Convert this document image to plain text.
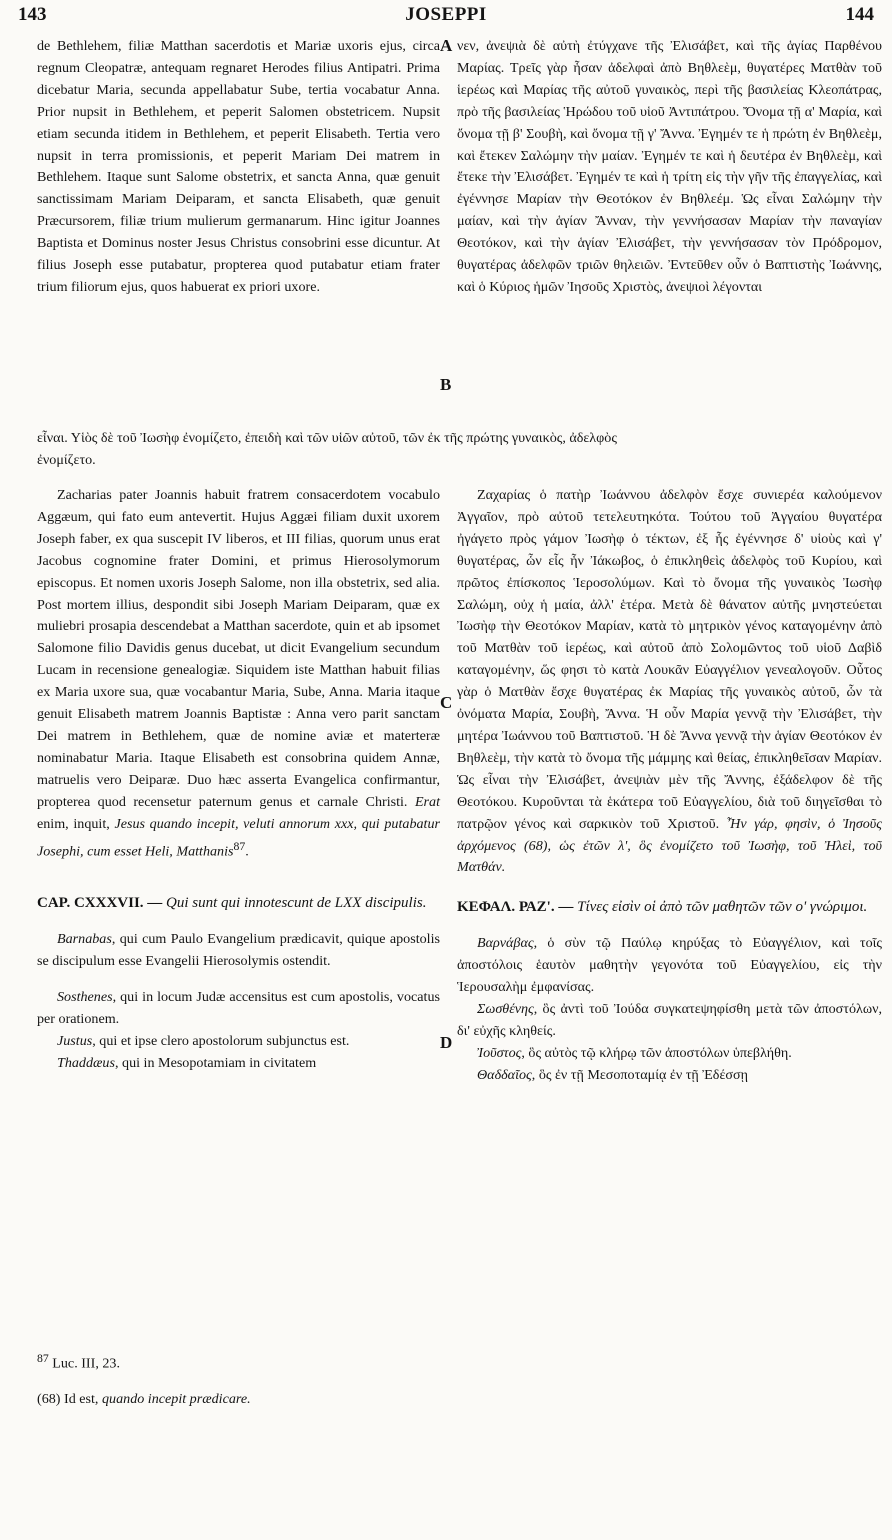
143	JOSEPPI	144
A
B
C
D

de Bethlehem, filiæ Matthan sacerdotis et Mariæ uxoris ejus, circa regnum Cleopatræ, antequam regnaret Herodes filius Antipatri. Prima dicebatur Maria, secunda appellabatur Sube, tertia vocabatur Anna. Prior nupsit in Bethlehem, et peperit Salomen obstetricem. Nupsit etiam secunda itidem in Bethlehem, et peperit Elisabeth. Tertia vero nupsit in terra promissionis, et peperit Mariam Dei matrem in Bethlehem. Itaque sunt Salome obstetrix, et sancta Anna, quæ genuit sanctissimam Mariam Deiparam, et sancta Elisabeth, quæ genuit Præcursorem, filiæ trium mulierum germanarum. Hinc igitur Joannes Baptista et Dominus noster Jesus Christus consobrini esse dicuntur. At filius Joseph esse putabatur, propterea quod putabatur etiam frater trium filiorum ejus, quos habuerat ex priori uxore.

νεν, ἀνεψιὰ δὲ αὐτὴ ἐτύγχανε τῆς Ἐλισάβετ, καὶ τῆς ἁγίας Παρθένου Μαρίας. Τρεῖς γὰρ ἦσαν ἀδελφαὶ ἀπὸ Βηθλεὲμ, θυγατέρες Ματθὰν τοῦ ἱερέως καὶ Μαρίας τῆς αὐτοῦ γυναικὸς, περὶ τῆς βασιλείας Κλεοπάτρας, πρὸ τῆς βασιλείας Ἡρώδου τοῦ υἱοῦ Ἀντιπάτρου. Ὄνομα τῇ α' Μαρία, καὶ ὄνομα τῇ β' Σουβὴ, καὶ ὄνομα τῇ γ' Ἄννα. Ἐγημέν τε ἡ πρώτη ἐν Βηθλεὲμ, καὶ ἔτεκεν Σαλώμην τὴν μαίαν. Ἐγημέν τε καὶ ἡ δευτέρα ἐν Βηθλεὲμ, καὶ ἔτεκε τὴν Ἐλισάβετ. Ἐγημέν τε καὶ ἡ τρίτη εἰς τὴν γῆν τῆς ἐπαγγελίας, καὶ ἐγέννησε Μαρίαν τὴν Θεοτόκον ἐν Βηθλεέμ. Ὡς εἶναι Σαλώμην τὴν μαίαν, καὶ τὴν ἁγίαν Ἄνναν, τὴν γεννήσασαν Μαρίαν τὴν παναγίαν Θεοτόκον, καὶ τὴν ἁγίαν Ἐλισάβετ, τὴν γεννήσασαν τὸν Πρόδρομον, θυγατέρας ἀδελφῶν τριῶν θηλειῶν. Ἐντεῦθεν οὖν ὁ Βαπτιστὴς Ἰωάννης, καὶ ὁ Κύριος ἡμῶν Ἰησοῦς Χριστὸς, ἀνεψιοὶ λέγονται

εἶναι. Υἱὸς δὲ τοῦ Ἰωσὴφ ἐνομίζετο, ἐπειδὴ καὶ τῶν υἱῶν αὐτοῦ, τῶν ἐκ τῆς πρώτης γυναικὸς, ἀδελφὸς
ἐνομίζετο.

Zacharias pater Joannis habuit fratrem consacerdotem vocabulo Aggæum, qui fato eum antevertit. Hujus Aggæi filiam duxit uxorem Joseph faber, ex qua suscepit IV liberos, et III filias, quorum unus erat Jacobus cognomine frater Domini, et primus Hierosolymorum episcopus. Et nomen uxoris Joseph Salome, non illa obstetrix, sed alia. Post mortem illius, despondit sibi Joseph Mariam Deiparam, quæ ex muliebri prosapia descendebat a Matthan sacerdote, quin et ab ipsomet Salomone filio Davidis genus ducebat, ut dicit Evangelium secundum Lucam in recensione genealogiæ. Siquidem iste Matthan habuit filias ex Maria uxore sua, quæ vocabantur Maria, Sube, Anna. Maria itaque genuit Elisabeth matrem Joannis Baptistæ : Anna vero parit sanctam Dei matrem in Bethlehem, quæ de nomine aviæ et materteræ nominabatur Maria. Itaque Elisabeth est consobrina quidem Annæ, matruelis vero Deiparæ. Duo hæc asserta Evangelica confirmantur, propterea quod recensetur paternum genus et carnale Christi. Erat enim, inquit, Jesus quando incepit, veluti annorum xxx, qui putabatur Josephi, cum esset Heli, Matthanis$^{87}$.

CAP. CXXXVII. — Qui sunt qui innotescunt de LXX discipulis.

Barnabas, qui cum Paulo Evangelium prædicavit, quique apostolis se discipulum esse Evangelii Hierosolymis ostendit.

Sosthenes, qui in locum Judæ accensitus est cum apostolis, vocatus per orationem.

Justus, qui et ipse clero apostolorum subjunctus est.

Thaddæus, qui in Mesopotamiam in civitatem

Ζαχαρίας ὁ πατὴρ Ἰωάννου ἀδελφὸν ἔσχε συνιερέα καλούμενον Ἀγγαῖον, πρὸ αὐτοῦ τετελευτηκότα. Τούτου τοῦ Ἀγγαίου θυγατέρα ἠγάγετο πρὸς γάμον Ἰωσὴφ ὁ τέκτων, ἐξ ἧς ἐγέννησε δ' υἱοὺς καὶ γ' θυγατέρας, ὧν εἷς ἦν Ἰάκωβος, ὁ ἐπικληθεὶς ἀδελφὸς τοῦ Κυρίου, καὶ πρῶτος ἐπίσκοπος Ἱεροσολύμων. Καὶ τὸ ὄνομα τῆς γυναικὸς Ἰωσὴφ Σαλώμη, οὐχ ἡ μαία, ἀλλ' ἑτέρα. Μετὰ δὲ θάνατον αὐτῆς μνηστεύεται Ἰωσὴφ τὴν Θεοτόκον Μαρίαν, κατὰ τὸ μητρικὸν γένος καταγομένην ἀπὸ τοῦ Ματθὰν τοῦ ἱερέως, καὶ αὐτοῦ ἀπὸ Σολομῶντος τοῦ υἱοῦ Δαβὶδ καταγομένην, ὥς φησι τὸ κατὰ Λουκᾶν Εὐαγγέλιον γενεαλογοῦν. Οὗτος γὰρ ὁ Ματθὰν ἔσχε θυγατέρας ἐκ Μαρίας τῆς γυναικὸς αὐτοῦ, ὧν τὰ ὀνόματα Μαρία, Σουβὴ, Ἄννα. Ἡ οὖν Μαρία γεννᾷ τὴν Ἐλισάβετ, τὴν μητέρα Ἰωάννου τοῦ Βαπτιστοῦ. Ἡ δὲ Ἄννα γεννᾷ τὴν ἁγίαν Θεοτόκον ἐν Βηθλεὲμ, τὴν κατὰ τὸ ὄνομα τῆς μάμμης καὶ θείας, ἐπικληθεῖσαν Μαρίαν. Ὡς εἶναι τὴν Ἐλισάβετ, ἀνεψιὰν μὲν τῆς Ἄννης, ἐξάδελφον δὲ τῆς Θεοτόκου. Κυροῦνται τὰ ἑκάτερα τοῦ Εὐαγγελίου, διὰ τοῦ διηγεῖσθαι τὸ πατρῷον γένος καὶ σαρκικὸν τοῦ Χριστοῦ. Ἦν γάρ, φησὶν, ὁ Ἰησοῦς ἀρχόμενος (68), ὡς ἐτῶν λ', ὃς ἐνομίζετο τοῦ Ἰωσὴφ, τοῦ Ἠλεὶ, τοῦ Ματθάν.

ΚΕΦΑΛ. ΡΑΖ'. — Τίνες εἰσὶν οἱ ἀπὸ τῶν μαθητῶν τῶν ο' γνώριμοι.

Βαρνάβας, ὁ σὺν τῷ Παύλῳ κηρύξας τὸ Εὐαγγέλιον, καὶ τοῖς ἀποστόλοις ἑαυτὸν μαθητὴν γεγονότα τοῦ Εὐαγγελίου, εἰς τὴν Ἱερουσαλὴμ ἐμφανίσας.

Σωσθένης, ὃς ἀντὶ τοῦ Ἰούδα συγκατεψηφίσθη μετὰ τῶν ἀποστόλων, δι' εὐχῆς κληθείς.

Ἰοῦστος, ὃς αὐτὸς τῷ κλήρῳ τῶν ἀποστόλων ὑπεβλήθη.

Θαδδαῖος, ὃς ἐν τῇ Μεσοποταμίᾳ ἐν τῇ Ἐδέσσῃ

$^{87}$ Luc. III, 23.
(68) Id est, quando incepit prædicare.
